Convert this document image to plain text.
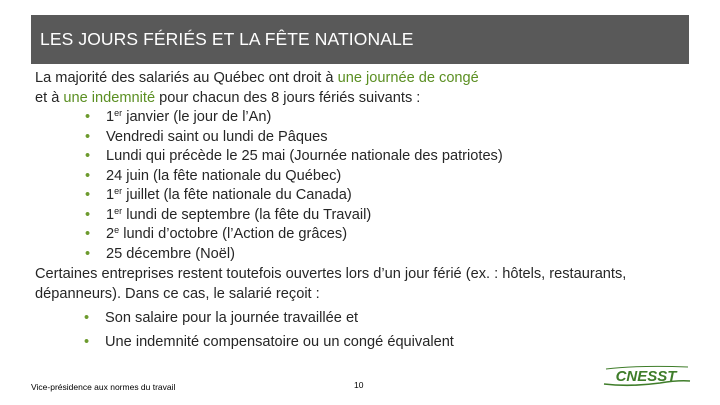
LES JOURS FÉRIÉS ET LA FÊTE NATIONALE

La majorité des salariés au Québec ont droit à une journée de congé

et à une indemnité pour chacun des 8 jours fériés suivants :

• 1er janvier (le jour de l’An)
• Vendredi saint ou lundi de Pâques
• Lundi qui précède le 25 mai (Journée nationale des patriotes)
• 24 juin (la fête nationale du Québec)
• 1er juillet (la fête nationale du Canada)
• 1er lundi de septembre (la fête du Travail)
• 2e lundi d’octobre (l’Action de grâces)
• 25 décembre (Noël)

Certaines entreprises restent toutefois ouvertes lors d’un jour férié (ex. : hôtels, restaurants, dépanneurs). Dans ce cas, le salarié reçoit :

• Son salaire pour la journée travaillée et
• Une indemnité compensatoire ou un congé équivalent
Vice-présidence aux normes du travail	10	CNESST
